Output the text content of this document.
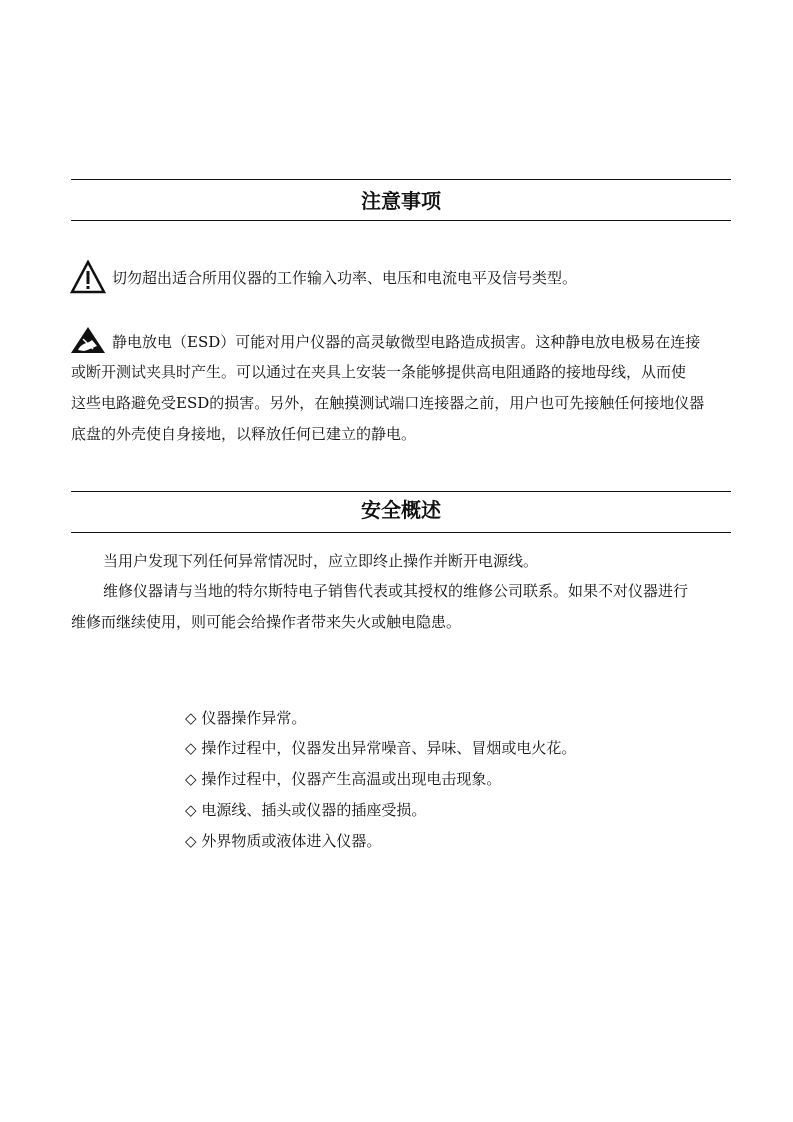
注意事项
切勿超出适合所用仪器的工作输入功率、电压和电流电平及信号类型。
静电放电（ESD）可能对用户仪器的高灵敏微型电路造成损害。这种静电放电极易在连接
或断开测试夹具时产生。可以通过在夹具上安装一条能够提供高电阻通路的接地母线，从而使
这些电路避免受ESD的损害。另外，在触摸测试端口连接器之前，用户也可先接触任何接地仪器
底盘的外壳使自身接地，以释放任何已建立的静电。
安全概述
当用户发现下列任何异常情况时，应立即终止操作并断开电源线。
维修仪器请与当地的特尔斯特电子销售代表或其授权的维修公司联系。如果不对仪器进行
维修而继续使用，则可能会给操作者带来失火或触电隐患。
◇ 仪器操作异常。
◇ 操作过程中，仪器发出异常噪音、异味、冒烟或电火花。
◇ 操作过程中，仪器产生高温或出现电击现象。
◇ 电源线、插头或仪器的插座受损。
◇ 外界物质或液体进入仪器。
